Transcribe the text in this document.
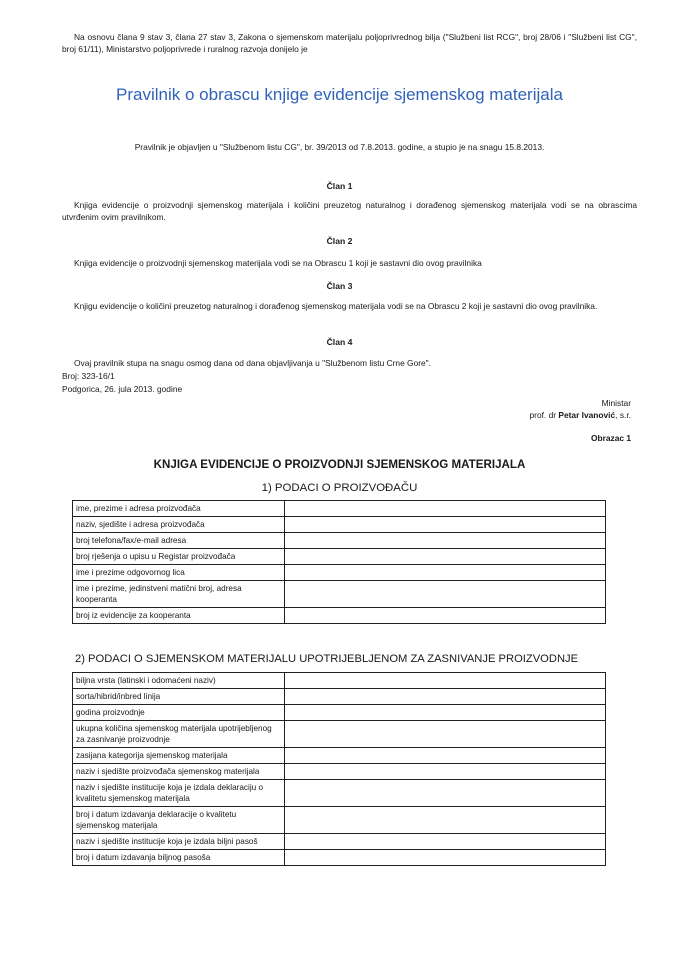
Na osnovu člana 9 stav 3, člana 27 stav 3, Zakona o sjemenskom materijalu poljoprivrednog bilja ("Službeni list RCG", broj 28/06 i "Službeni list CG", broj 61/11), Ministarstvo poljoprivrede i ruralnog razvoja donijelo je
Pravilnik o obrascu knjige evidencije sjemenskog materijala
Pravilnik je objavljen u "Službenom listu CG", br. 39/2013 od 7.8.2013. godine, a stupio je na snagu 15.8.2013.
Član 1
Knjiga evidencije o proizvodnji sjemenskog materijala i količini preuzetog naturalnog i dorađenog sjemenskog materijala vodi se na obrascima utvrđenim ovim pravilnikom.
Član 2
Knjiga evidencije o proizvodnji sjemenskog materijala vodi se na Obrascu 1 koji je sastavni dio ovog pravilnika
Član 3
Knjigu evidencije o količini preuzetog naturalnog i dorađenog sjemenskog materijala vodi se na Obrascu 2 koji je sastavni dio ovog pravilnika.
Član 4
Ovaj pravilnik stupa na snagu osmog dana od dana objavljivanja u "Službenom listu Crne Gore".
Broj: 323-16/1
Podgorica, 26. jula 2013. godine
Ministar
prof. dr Petar Ivanović, s.r.
Obrazac 1
KNJIGA EVIDENCIJE O PROIZVODNJI SJEMENSKOG MATERIJALA
1) PODACI O PROIZVOĐAČU
ime, prezime i adresa proizvođača	
naziv, sjedište i adresa proizvođača	
broj telefona/fax/e-mail adresa	
broj rješenja o upisu u Registar proizvođača	
ime i prezime odgovornog lica	
ime i prezime, jedinstveni matični broj, adresa kooperanta	
broj iz evidencije za kooperanta	
2) PODACI O SJEMENSKOM MATERIJALU UPOTRIJEBLJENOM ZA ZASNIVANJE PROIZVODNJE
biljna vrsta (latinski i odomaćeni naziv)	
sorta/hibrid/inbred linija	
godina proizvodnje	
ukupna količina sjemenskog materijala upotrijebljenog za zasnivanje proizvodnje	
zasijana kategorija sjemenskog materijala	
naziv i sjedište proizvođača sjemenskog materijala	
naziv i sjedište institucije koja je izdala deklaraciju o kvalitetu sjemenskog materijala	
broj i datum izdavanja deklaracije o kvalitetu sjemenskog materijala	
naziv i sjedište institucije koja je izdala biljni pasoš	
broj i datum izdavanja biljnog pasoša	
